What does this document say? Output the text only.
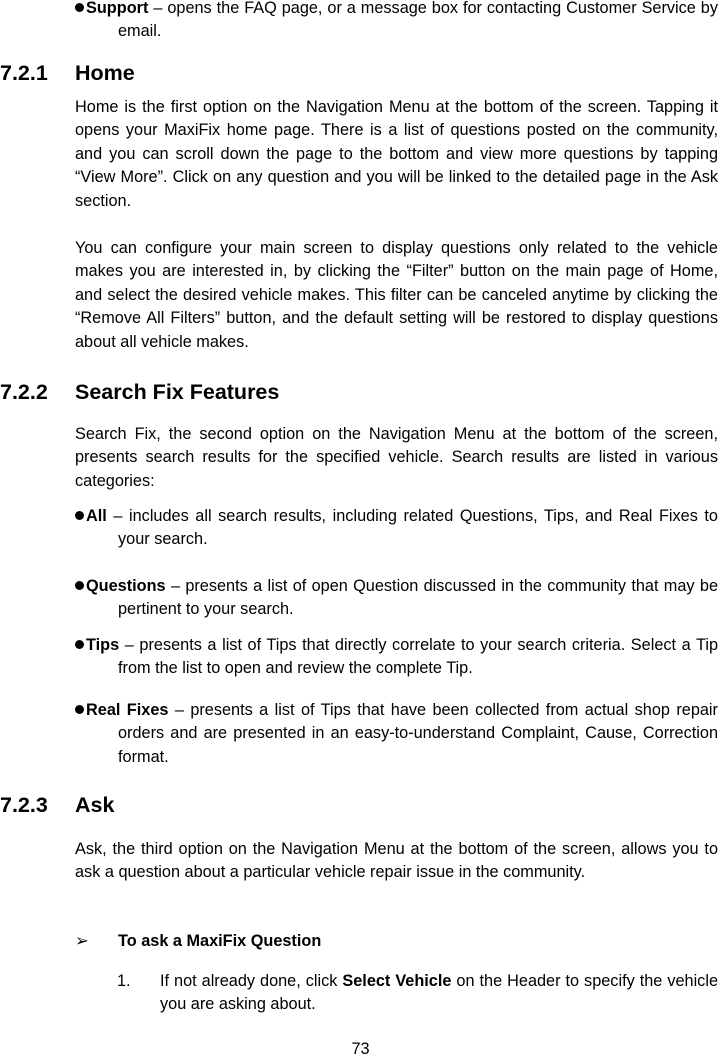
Support – opens the FAQ page, or a message box for contacting Customer Service by email.
7.2.1 Home
Home is the first option on the Navigation Menu at the bottom of the screen. Tapping it opens your MaxiFix home page. There is a list of questions posted on the community, and you can scroll down the page to the bottom and view more questions by tapping “View More”. Click on any question and you will be linked to the detailed page in the Ask section.
You can configure your main screen to display questions only related to the vehicle makes you are interested in, by clicking the “Filter” button on the main page of Home, and select the desired vehicle makes. This filter can be canceled anytime by clicking the “Remove All Filters” button, and the default setting will be restored to display questions about all vehicle makes.
7.2.2 Search Fix Features
Search Fix, the second option on the Navigation Menu at the bottom of the screen, presents search results for the specified vehicle. Search results are listed in various categories:
All – includes all search results, including related Questions, Tips, and Real Fixes to your search.
Questions – presents a list of open Question discussed in the community that may be pertinent to your search.
Tips – presents a list of Tips that directly correlate to your search criteria. Select a Tip from the list to open and review the complete Tip.
Real Fixes – presents a list of Tips that have been collected from actual shop repair orders and are presented in an easy-to-understand Complaint, Cause, Correction format.
7.2.3 Ask
Ask, the third option on the Navigation Menu at the bottom of the screen, allows you to ask a question about a particular vehicle repair issue in the community.
➢ To ask a MaxiFix Question
1. If not already done, click Select Vehicle on the Header to specify the vehicle you are asking about.
73
